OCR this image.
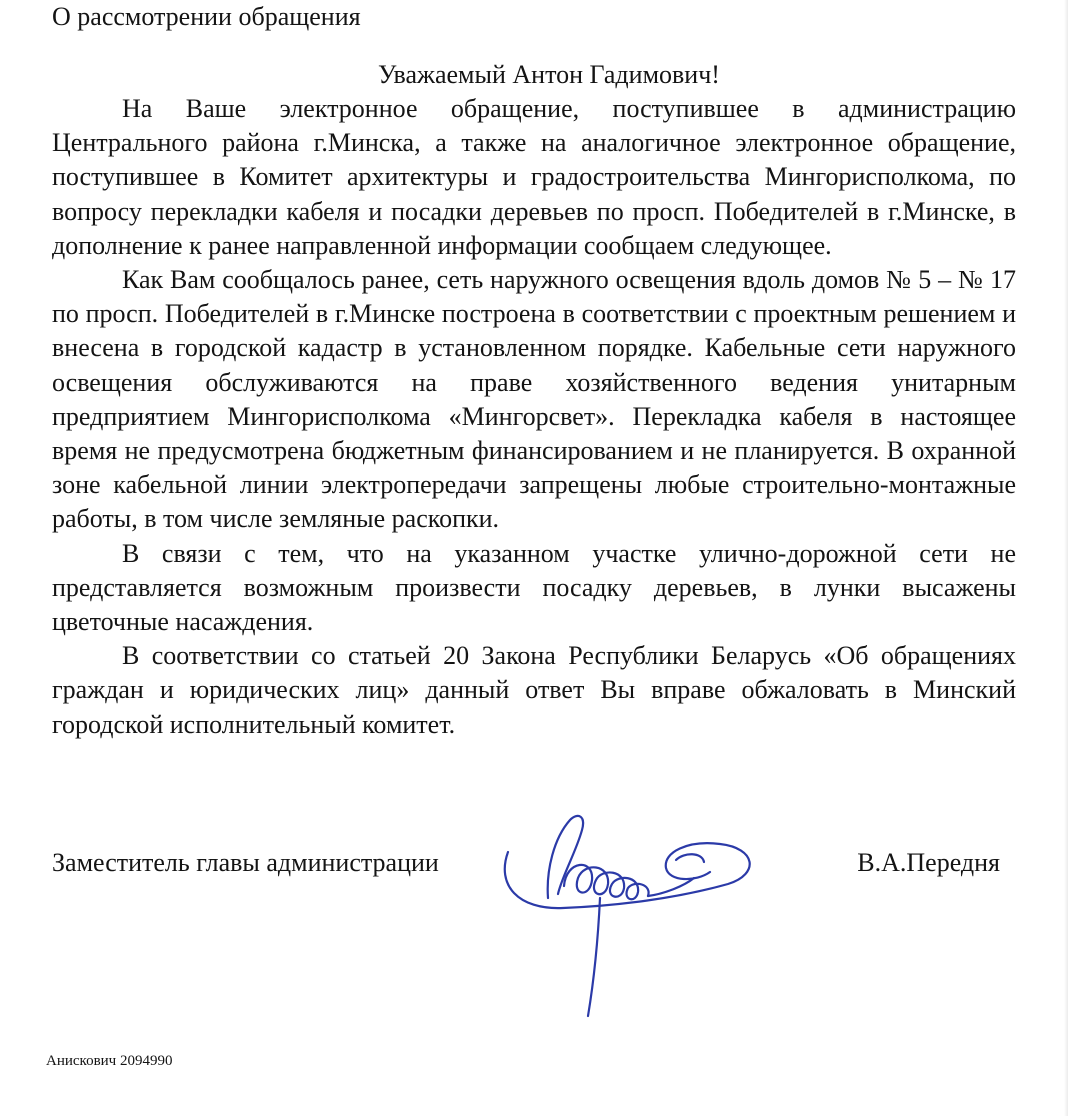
О рассмотрении обращения
Уважаемый Антон Гадимович!

На Ваше электронное обращение, поступившее в администрацию Центрального района г.Минска, а также на аналогичное электронное обращение, поступившее в Комитет архитектуры и градостроительства Мингорисполкома, по вопросу перекладки кабеля и посадки деревьев по просп. Победителей в г.Минске, в дополнение к ранее направленной информации сообщаем следующее.

Как Вам сообщалось ранее, сеть наружного освещения вдоль домов № 5 – № 17 по просп. Победителей в г.Минске построена в соответствии с проектным решением и внесена в городской кадастр в установленном порядке. Кабельные сети наружного освещения обслуживаются на праве хозяйственного ведения унитарным предприятием Мингорисполкома «Мингорсвет». Перекладка кабеля в настоящее время не предусмотрена бюджетным финансированием и не планируется. В охранной зоне кабельной линии электропередачи запрещены любые строительно-монтажные работы, в том числе земляные раскопки.

В связи с тем, что на указанном участке улично-дорожной сети не представляется возможным произвести посадку деревьев, в лунки высажены цветочные насаждения.

В соответствии со статьей 20 Закона Республики Беларусь «Об обращениях граждан и юридических лиц» данный ответ Вы вправе обжаловать в Минский городской исполнительный комитет.

Заместитель главы администрации	В.А.Передня
Анискович 2094990
